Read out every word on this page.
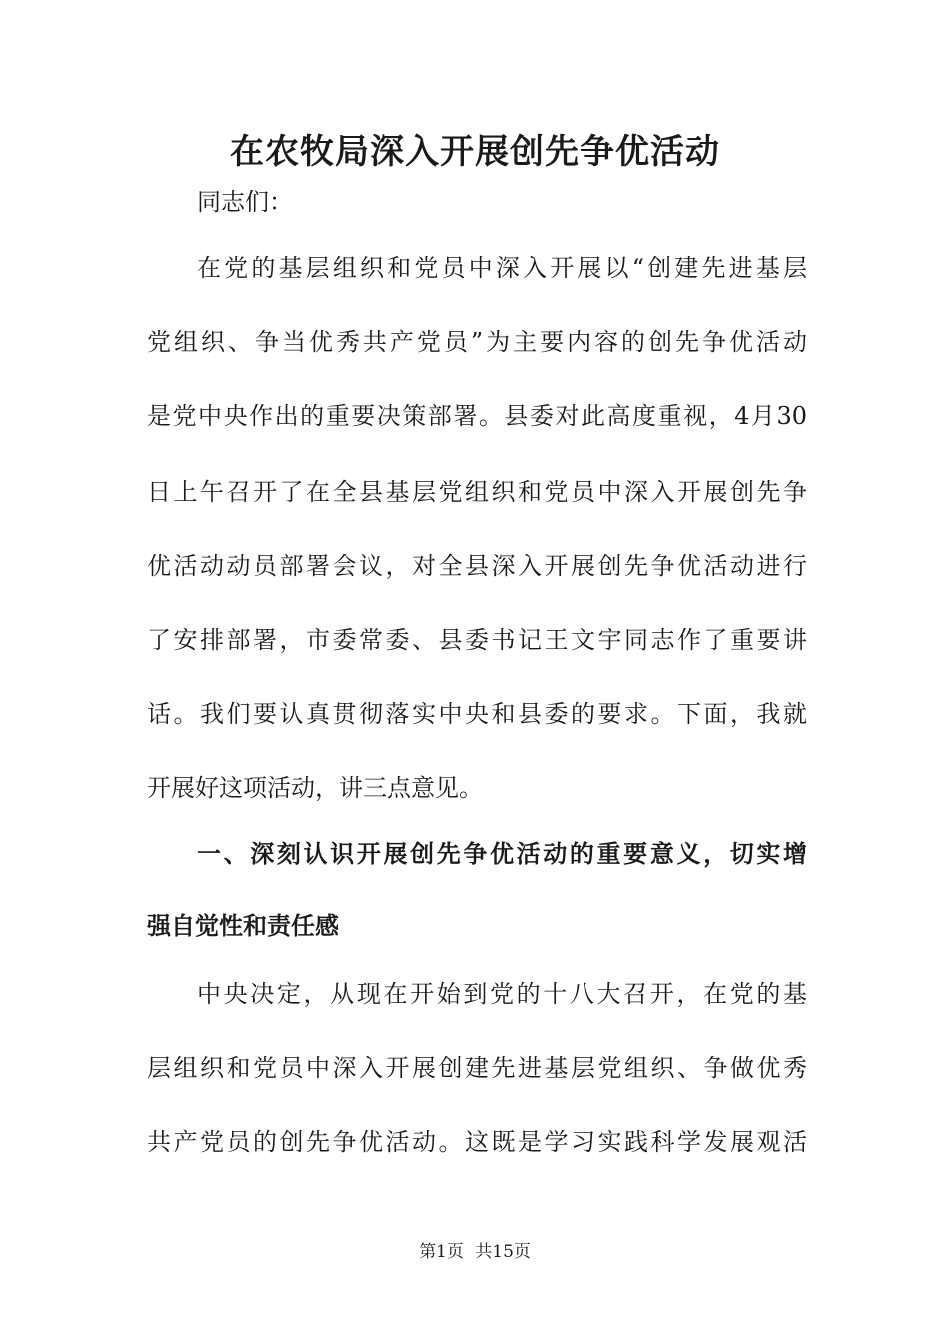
在农牧局深入开展创先争优活动

同志们：

在党的基层组织和党员中深入开展以“创建先进基层

党组织、争当优秀共产党员”为主要内容的创先争优活动

是党中央作出的重要决策部署。县委对此高度重视，4月30

日上午召开了在全县基层党组织和党员中深入开展创先争

优活动动员部署会议，对全县深入开展创先争优活动进行

了安排部署，市委常委、县委书记王文宇同志作了重要讲

话。我们要认真贯彻落实中央和县委的要求。下面，我就

开展好这项活动，讲三点意见。

一、深刻认识开展创先争优活动的重要意义，切实增

强自觉性和责任感

中央决定，从现在开始到党的十八大召开，在党的基

层组织和党员中深入开展创建先进基层党组织、争做优秀

共产党员的创先争优活动。这既是学习实践科学发展观活

第1页 共15页
